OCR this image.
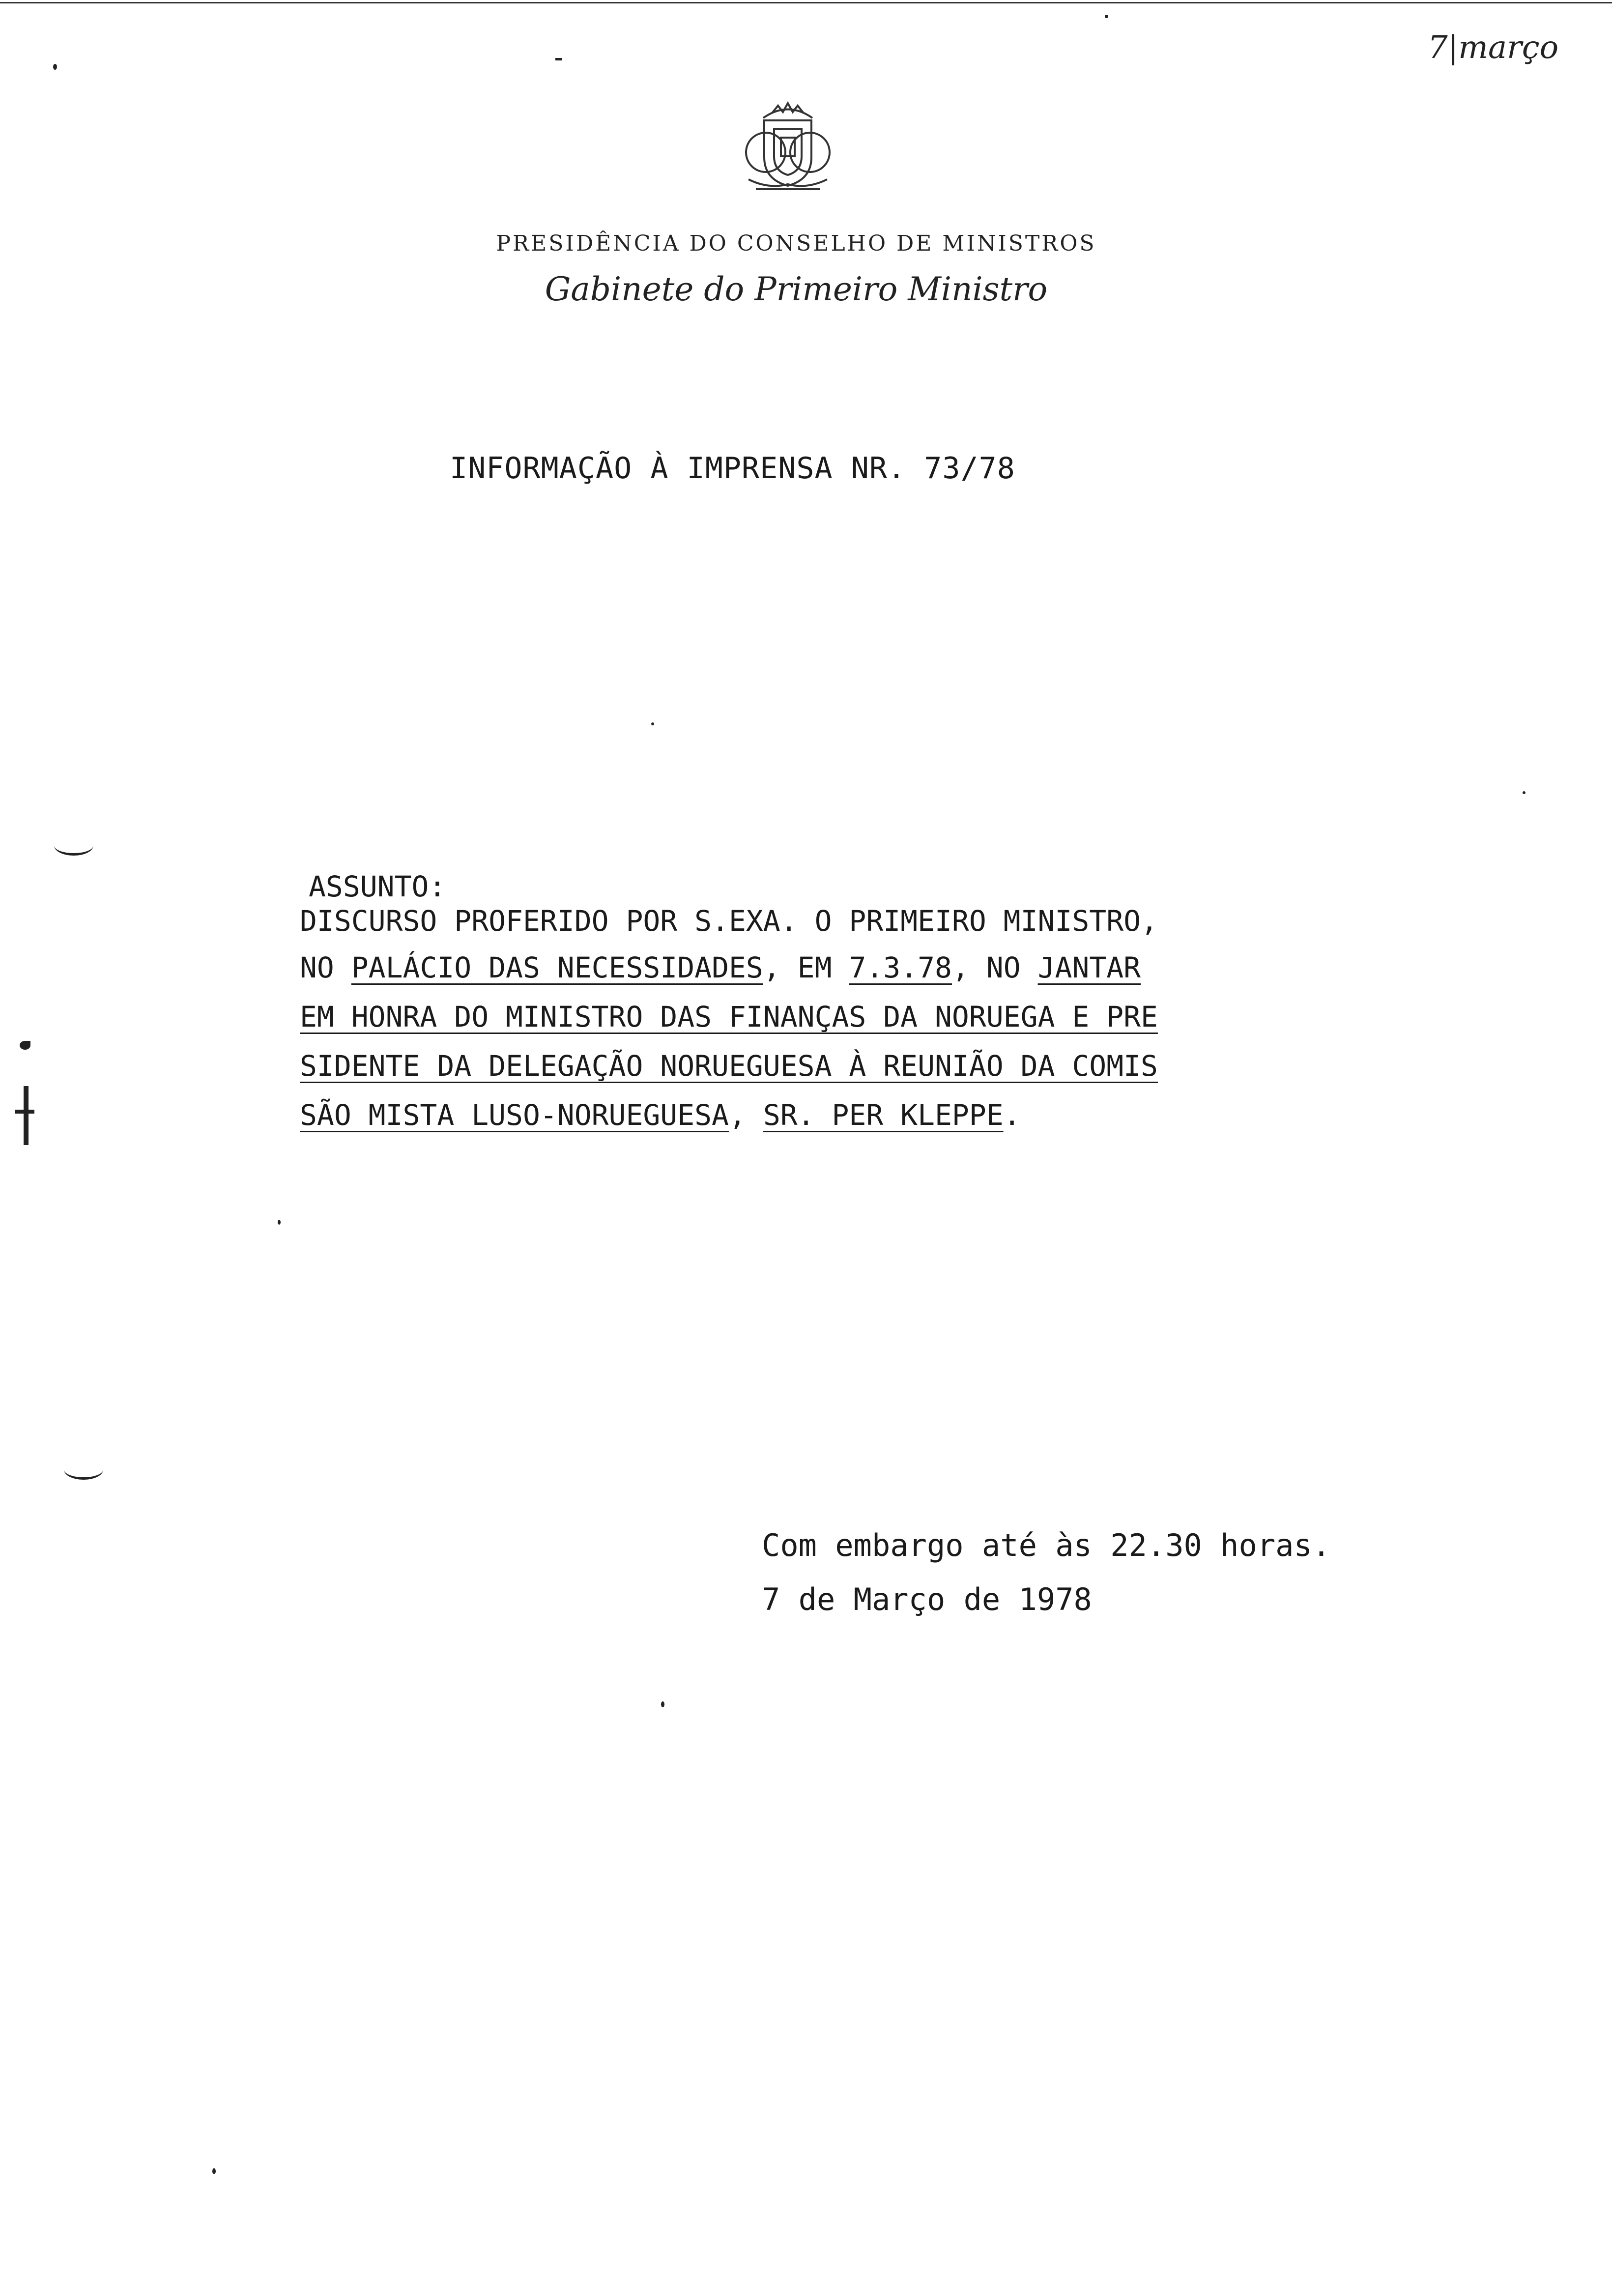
7|março
PRESIDÊNCIA DO CONSELHO DE MINISTROS
Gabinete do Primeiro Ministro
INFORMAÇÃO À IMPRENSA NR. 73/78
ASSUNTO:
DISCURSO PROFERIDO POR S.EXA. O PRIMEIRO MINISTRO,
NO PALÁCIO DAS NECESSIDADES, EM 7.3.78, NO JANTAR
EM HONRA DO MINISTRO DAS FINANÇAS DA NORUEGA E PRE
SIDENTE DA DELEGAÇÃO NORUEGUESA À REUNIÃO DA COMIS
SÃO MISTA LUSO-NORUEGUESA, SR. PER KLEPPE.
Com embargo até às 22.30 horas.
7 de Março de 1978
